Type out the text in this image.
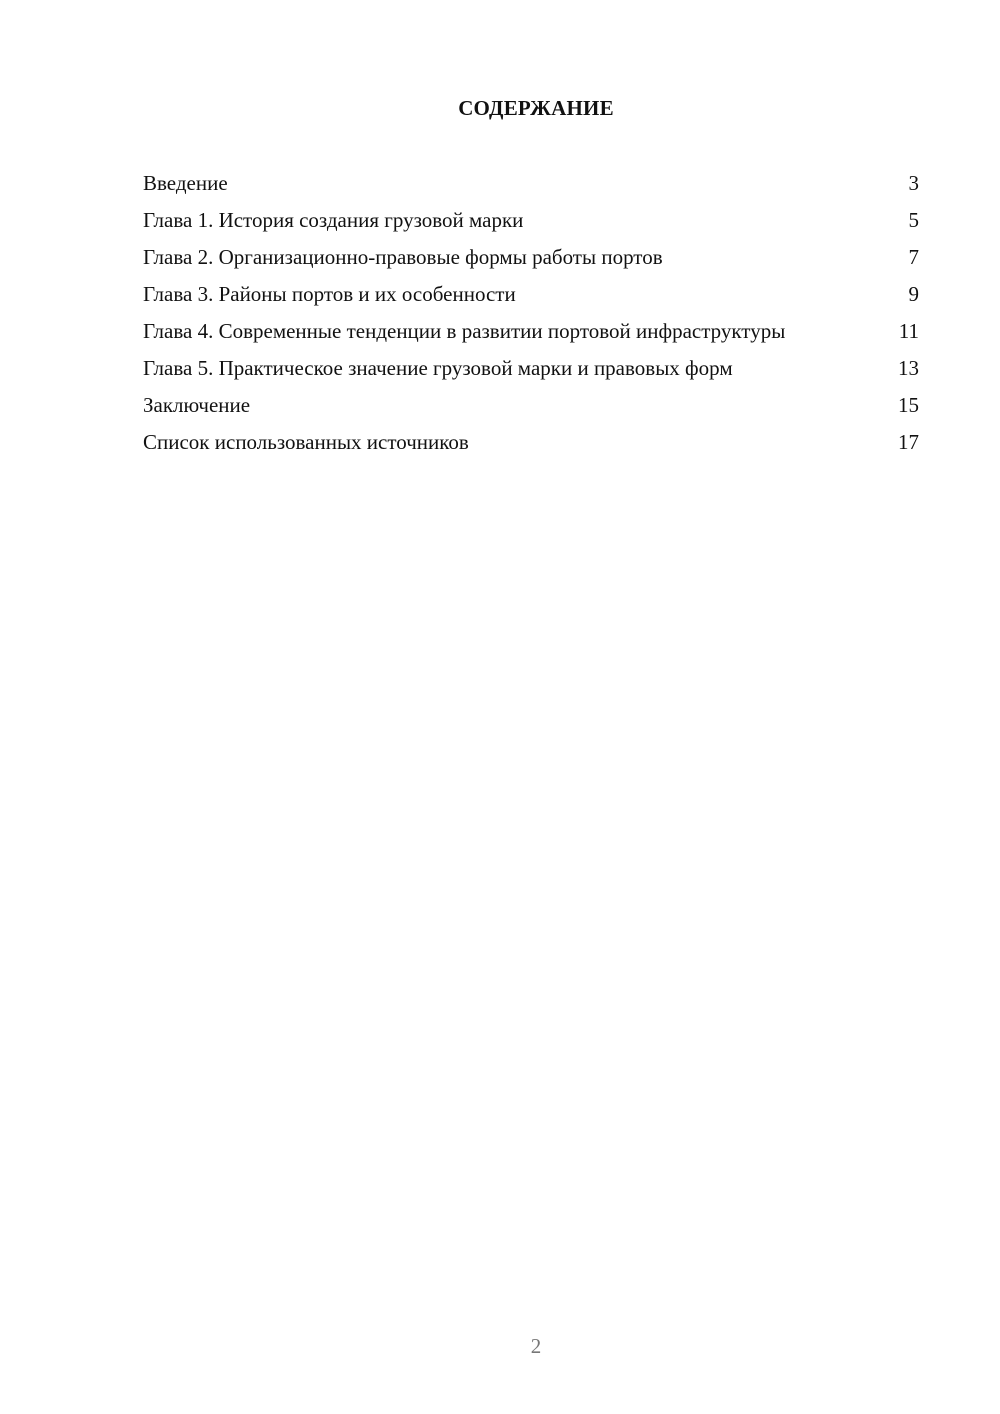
СОДЕРЖАНИЕ
Введение	3
Глава 1. История создания грузовой марки	5
Глава 2. Организационно-правовые формы работы портов	7
Глава 3. Районы портов и их особенности	9
Глава 4. Современные тенденции в развитии портовой инфраструктуры	11
Глава 5. Практическое значение грузовой марки и правовых форм	13
Заключение	15
Список использованных источников	17
2
